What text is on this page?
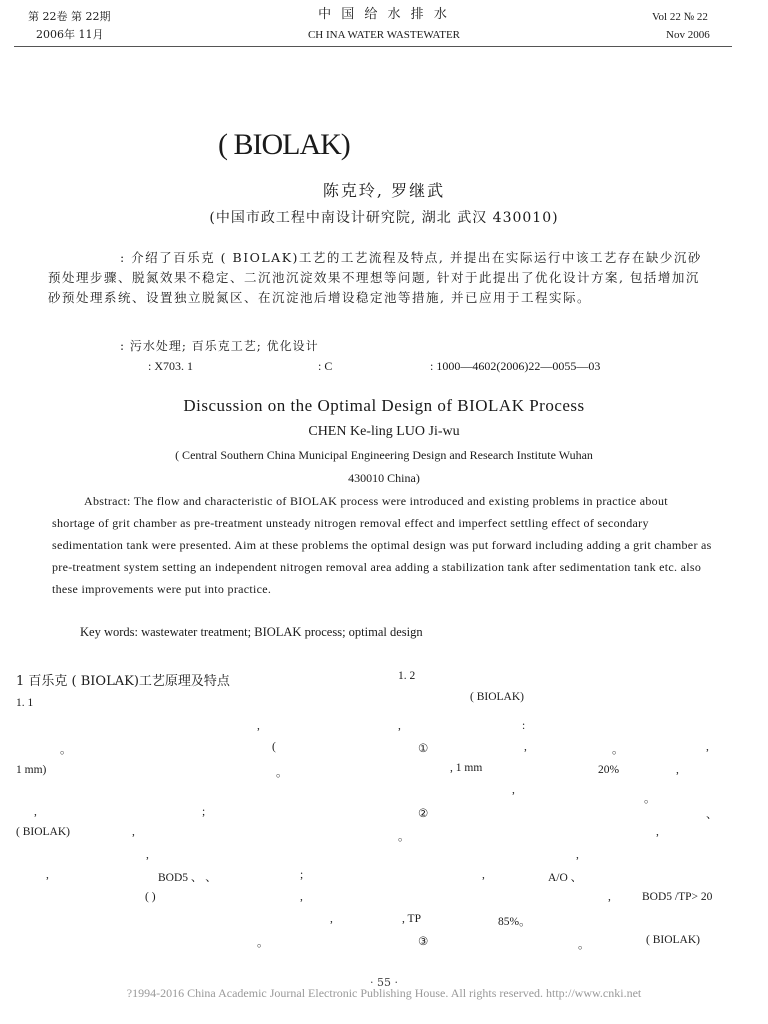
第 22卷 第 22期
2006年 11月
中 国 给 水 排 水
CH INA WATER WASTEWATER
Vol 22 № 22
Nov 2006
( BIOLAK)
陈克玲, 罗继武
(中国市政工程中南设计研究院, 湖北 武汉 430010)
: 介绍了百乐克 ( BIOLAK)工艺的工艺流程及特点, 并提出在实际运行中该工艺存在缺少沉砂预处理步骤、脱氮效果不稳定、二沉池沉淀效果不理想等问题, 针对于此提出了优化设计方案, 包括增加沉砂预处理系统、设置独立脱氮区、在沉淀池后增设稳定池等措施, 并已应用于工程实际。
: 污水处理; 百乐克工艺; 优化设计
: X703. 1	: C	: 1000—4602(2006)22—0055—03
Discussion on the Optimal Design of BIOLAK Process
CHEN Ke-ling LUO Ji-wu
( Central Southern China Municipal Engineering Design and Research Institute Wuhan
430010 China)
Abstract: The flow and characteristic of BIOLAK process were introduced and existing problems in practice about shortage of grit chamber as pre-treatment unsteady nitrogen removal effect and imperfect settling effect of secondary sedimentation tank were presented. Aim at these problems the optimal design was put forward including adding a grit chamber as pre-treatment system setting an independent nitrogen removal area adding a stabilization tank after sedimentation tank etc. also these improvements were put into practice.
Key words: wastewater treatment; BIOLAK process; optimal design
1 百乐克 ( BIOLAK)工艺原理及特点
1. 1
,
。	(
1 mm)	。
,	;
( BIOLAK)	,
,
,	BOD5 、 、	;
( )	,
,
。
1. 2
( BIOLAK)
,	:
①	,	。	,
, 1 mm	20%	,
,
。
②	、
。	,
,
,	A/O 、
,	BOD5 /TP> 20
, TP	85%。
③	。	( BIOLAK)
· 55 ·
?1994-2016 China Academic Journal Electronic Publishing House. All rights reserved. http://www.cnki.net
